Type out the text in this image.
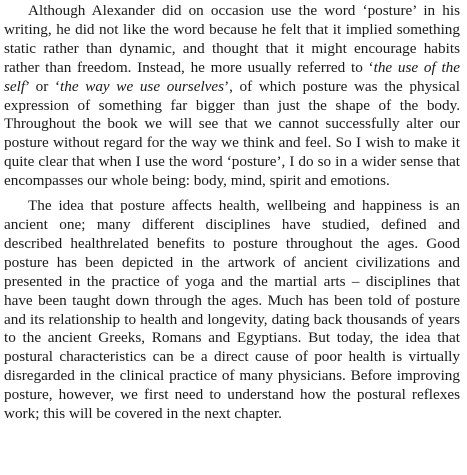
Although Alexander did on occasion use the word ‘posture’ in his writing, he did not like the word because he felt that it implied something static rather than dynamic, and thought that it might encourage habits rather than freedom. Instead, he more usually referred to ‘the use of the self’ or ‘the way we use ourselves’, of which posture was the physical expression of something far bigger than just the shape of the body. Throughout the book we will see that we cannot successfully alter our posture without regard for the way we think and feel. So I wish to make it quite clear that when I use the word ‘posture’, I do so in a wider sense that encompasses our whole being: body, mind, spirit and emotions.

The idea that posture affects health, wellbeing and happiness is an ancient one; many different disciplines have studied, defined and described healthrelated benefits to posture throughout the ages. Good posture has been depicted in the artwork of ancient civilizations and presented in the practice of yoga and the martial arts – disciplines that have been taught down through the ages. Much has been told of posture and its relationship to health and longevity, dating back thousands of years to the ancient Greeks, Romans and Egyptians. But today, the idea that postural characteristics can be a direct cause of poor health is virtually disregarded in the clinical practice of many physicians. Before improving posture, however, we first need to understand how the postural reflexes work; this will be covered in the next chapter.
